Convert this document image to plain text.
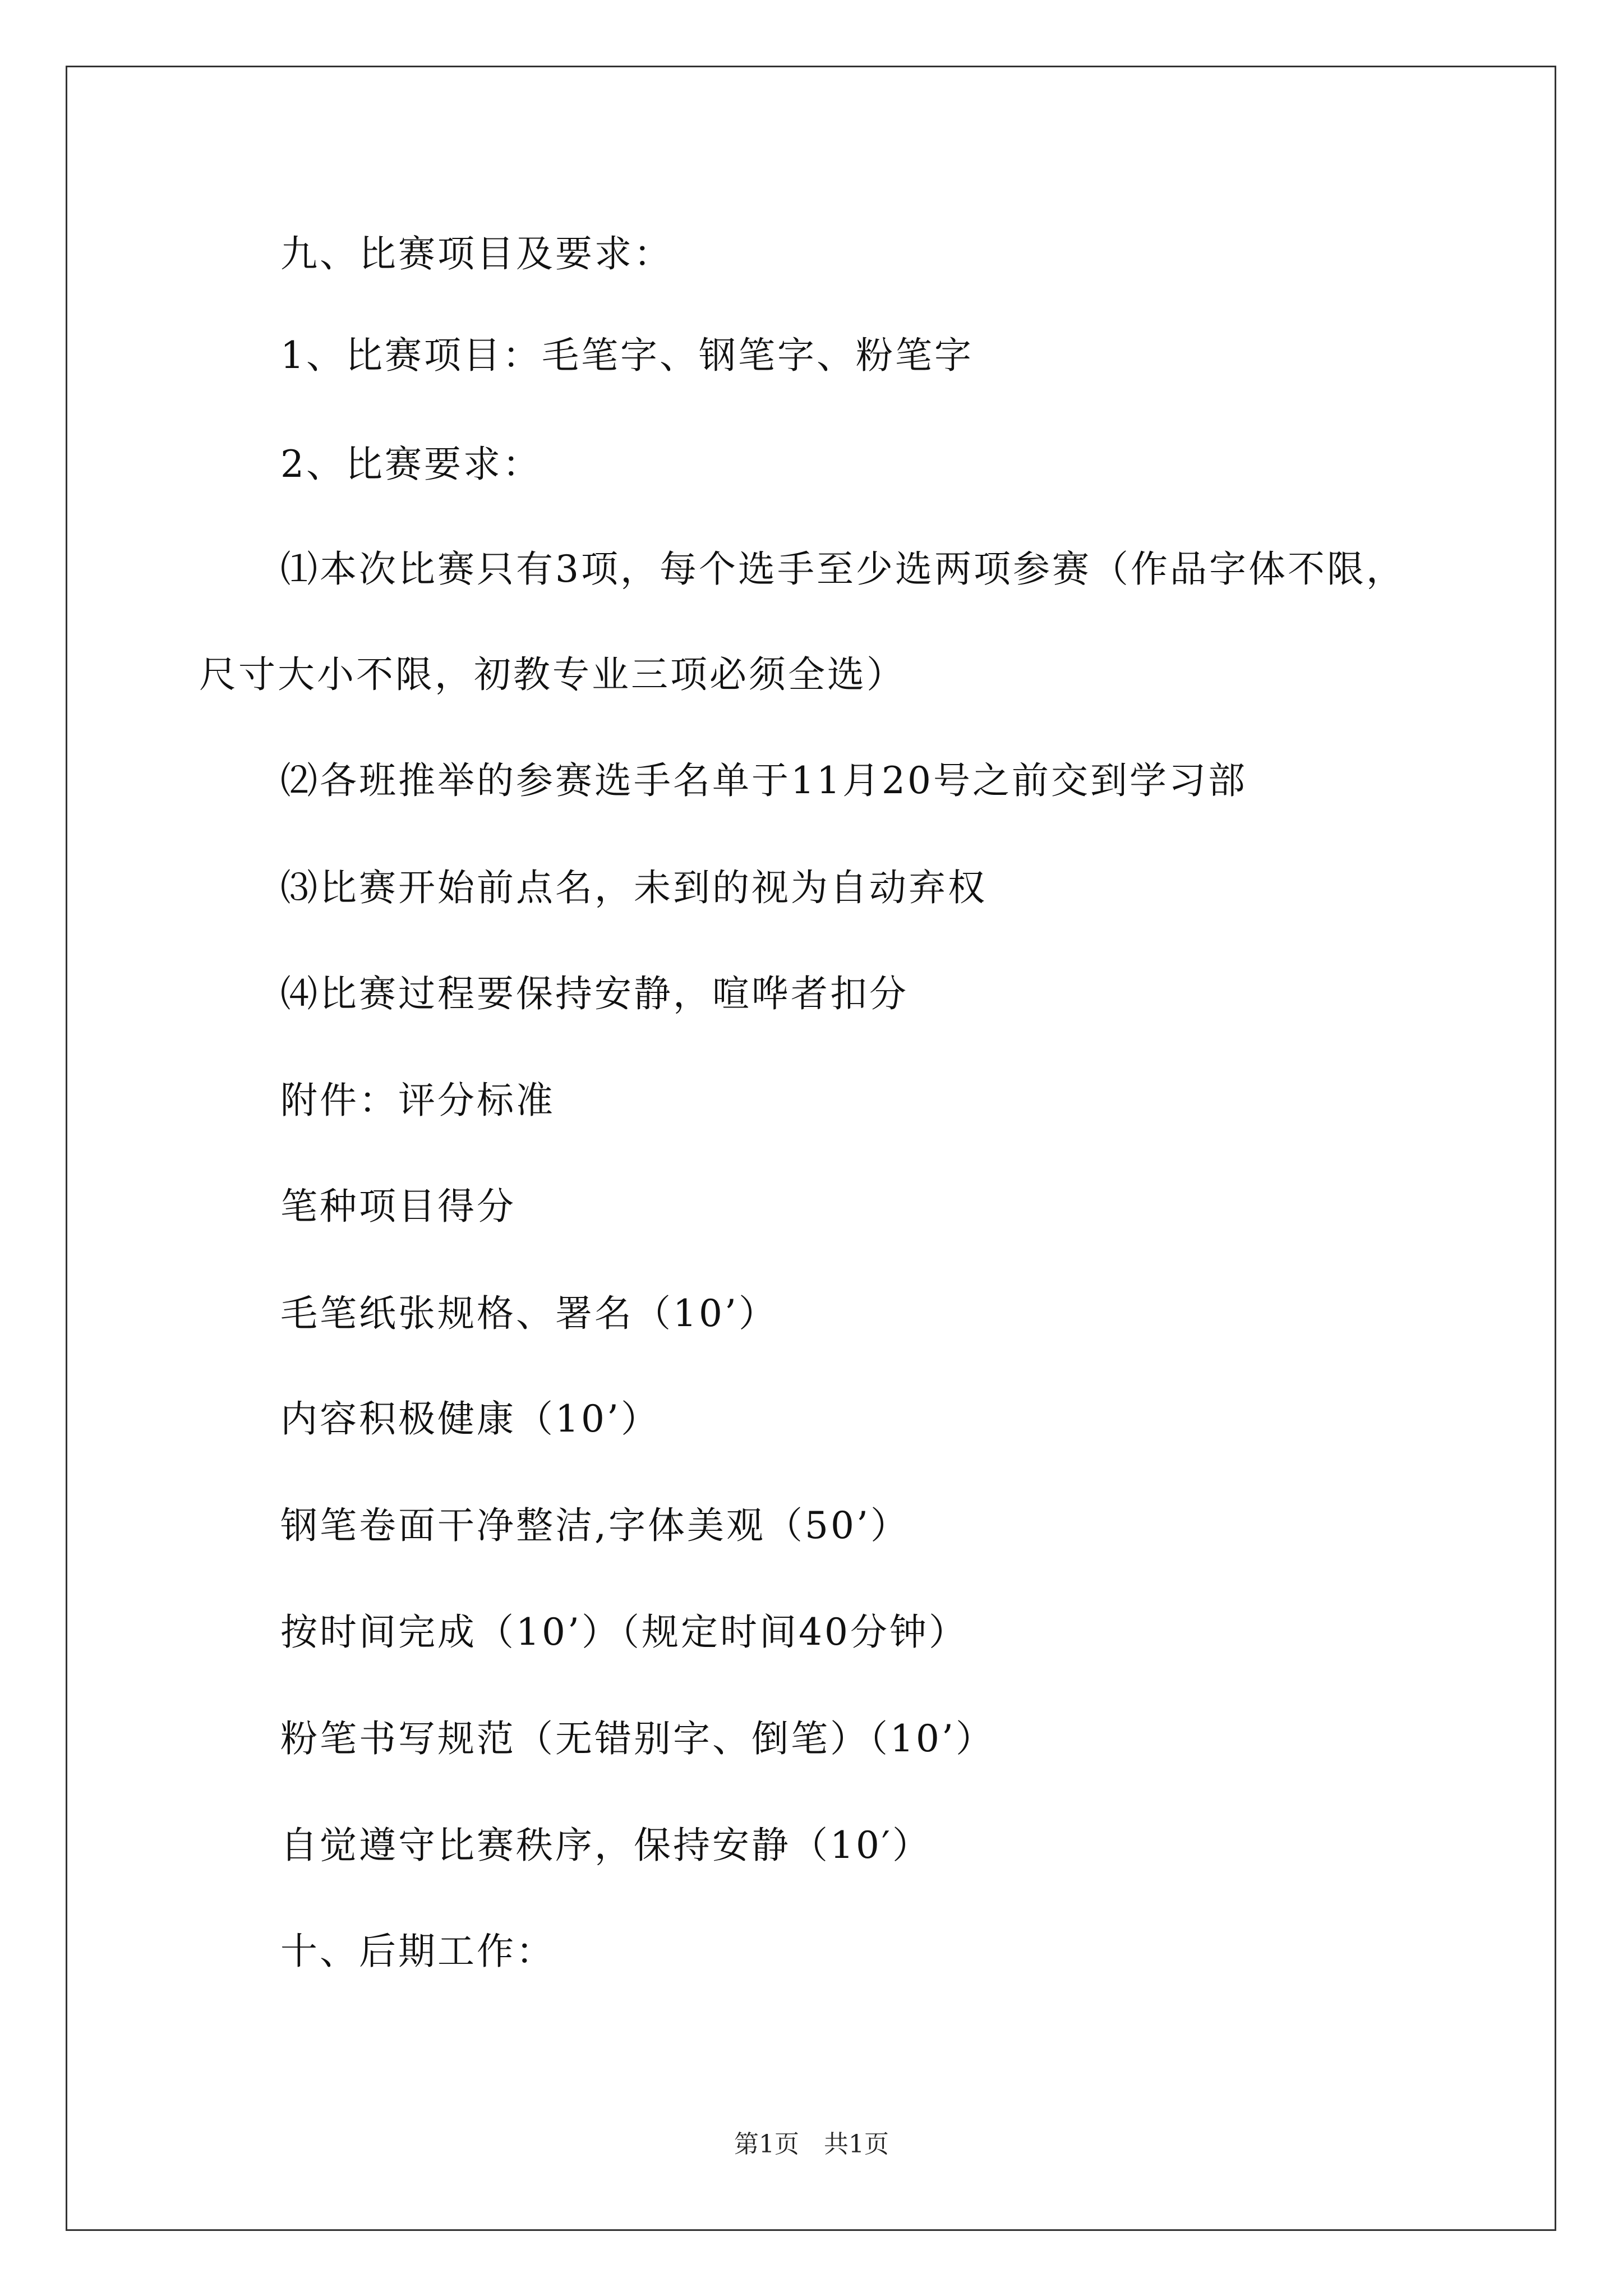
九、比赛项目及要求：

1、比赛项目：毛笔字、钢笔字、粉笔字

2、比赛要求：

⑴本次比赛只有3项，每个选手至少选两项参赛（作品字体不限，

尺寸大小不限，初教专业三项必须全选）

⑵各班推举的参赛选手名单于11月20号之前交到学习部

⑶比赛开始前点名，未到的视为自动弃权

⑷比赛过程要保持安静，喧哗者扣分

附件：评分标准

笔种项目得分

毛笔纸张规格、署名（10’）

内容积极健康（10’）

钢笔卷面干净整洁,字体美观（50’）

按时间完成（10’）（规定时间40分钟）

粉笔书写规范（无错别字、倒笔）（10’）

自觉遵守比赛秩序，保持安静（10′）

十、后期工作：

第1页　共1页
